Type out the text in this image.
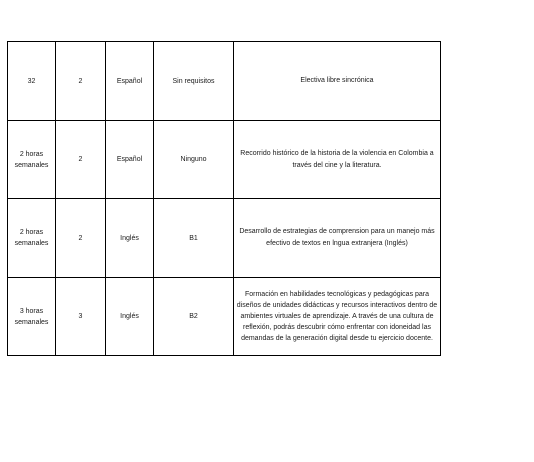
32	2	Español	Sin requisitos	Electiva libre sincrónica
2 horas semanales	2	Español	Ninguno	Recorrido histórico de la historia de la violencia en Colombia a través del cine y la literatura.
2 horas semanales	2	Inglés	B1	Desarrollo de estrategias de comprension para un manejo más efectivo de textos en lngua extranjera (Inglés)
3 horas semanales	3	Inglés	B2	Formación en habilidades tecnológicas y pedagógicas para diseños de unidades didácticas y recursos interactivos dentro de ambientes virtuales de aprendizaje. A través de una cultura de reflexión, podrás descubrir cómo enfrentar con idoneidad las demandas de la generación digital desde tu ejercicio docente.
